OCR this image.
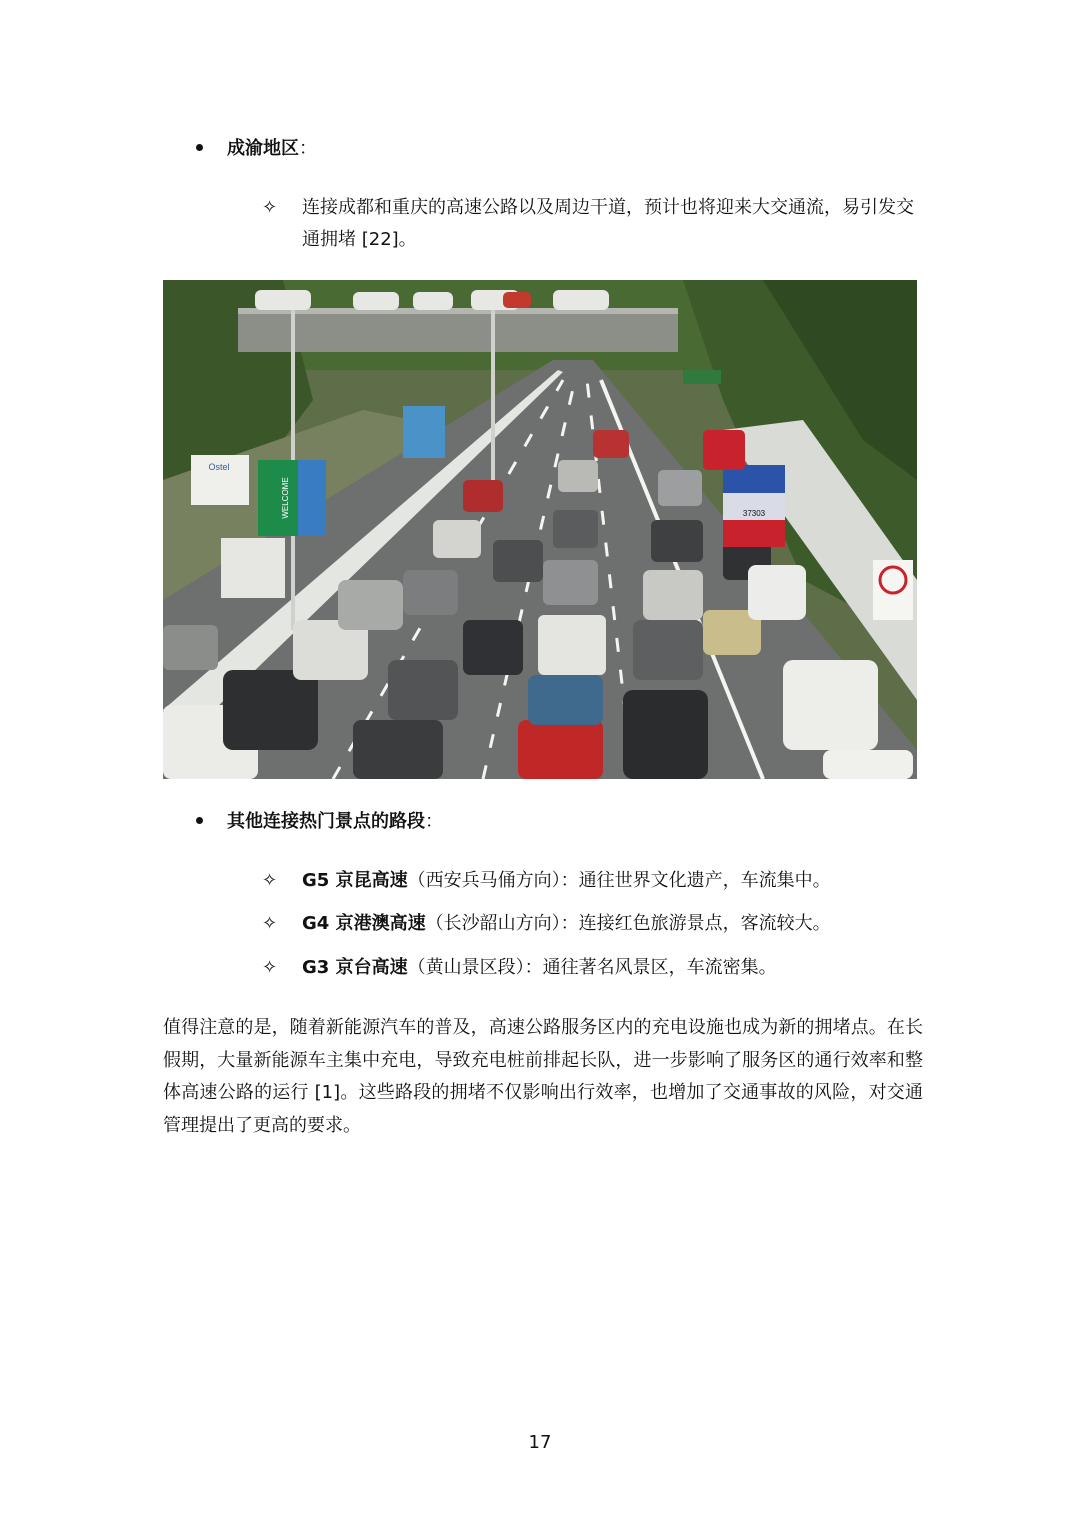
成渝地区：
✧	连接成都和重庆的高速公路以及周边干道，预计也将迎来大交通流，易引发交通拥堵 [22]。
WELCOME
Ostel
37303
其他连接热门景点的路段：
✧ G5 京昆高速（西安兵马俑方向）：通往世界文化遗产，车流集中。
✧ G4 京港澳高速（长沙韶山方向）：连接红色旅游景点，客流较大。
✧ G3 京台高速（黄山景区段）：通往著名风景区，车流密集。
值得注意的是，随着新能源汽车的普及，高速公路服务区内的充电设施也成为新的拥堵点。在长假期，大量新能源车主集中充电，导致充电桩前排起长队，进一步影响了服务区的通行效率和整体高速公路的运行 [1]。这些路段的拥堵不仅影响出行效率，也增加了交通事故的风险，对交通管理提出了更高的要求。
17
